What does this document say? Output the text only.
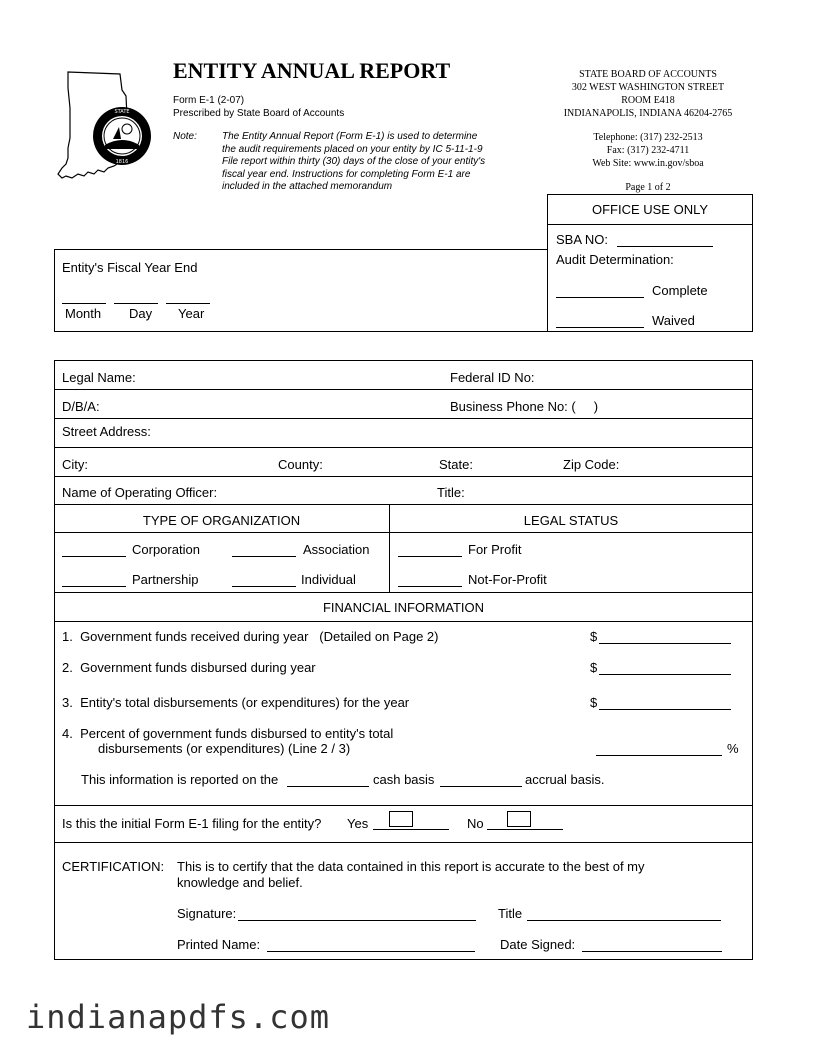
STATE
1816
ENTITY ANNUAL REPORT
Form E-1 (2-07)
Prescribed by State Board of Accounts
Note:	The Entity Annual Report (Form E-1) is used to determine
the audit requirements placed on your entity by IC 5-11-1-9
File report within thirty (30) days of the close of your entity's
fiscal year end. Instructions for completing Form E-1 are
included in the attached memorandum
STATE BOARD OF ACCOUNTS
302 WEST WASHINGTON STREET
ROOM E418
INDIANAPOLIS, INDIANA 46204-2765
Telephone: (317) 232-2513
Fax: (317) 232-4711
Web Site: www.in.gov/sboa
Page 1 of 2
OFFICE USE ONLY
SBA NO:
Audit Determination:
Complete
Waived
Entity's Fiscal Year End
Month Day Year
Legal Name:	Federal ID No:
D/B/A:	Business Phone No: (     )
Street Address:
City:	County:	State:	Zip Code:
Name of Operating Officer:	Title:
TYPE OF ORGANIZATION	LEGAL STATUS
Corporation	Association	For Profit
Partnership	Individual	Not-For-Profit
FINANCIAL INFORMATION
1.  Government funds received during year   (Detailed on Page 2)	$
2.  Government funds disbursed during year	$
3.  Entity's total disbursements (or expenditures) for the year	$
4.  Percent of government funds disbursed to entity's total
disbursements (or expenditures) (Line 2 / 3)	%
This information is reported on the	cash basis	accrual basis.
Is this the initial Form E-1 filing for the entity? Yes	No
CERTIFICATION: This is to certify that the data contained in this report is accurate to the best of my
knowledge and belief.
Signature:	Title
Printed Name:	Date Signed:
indianapdfs.com
